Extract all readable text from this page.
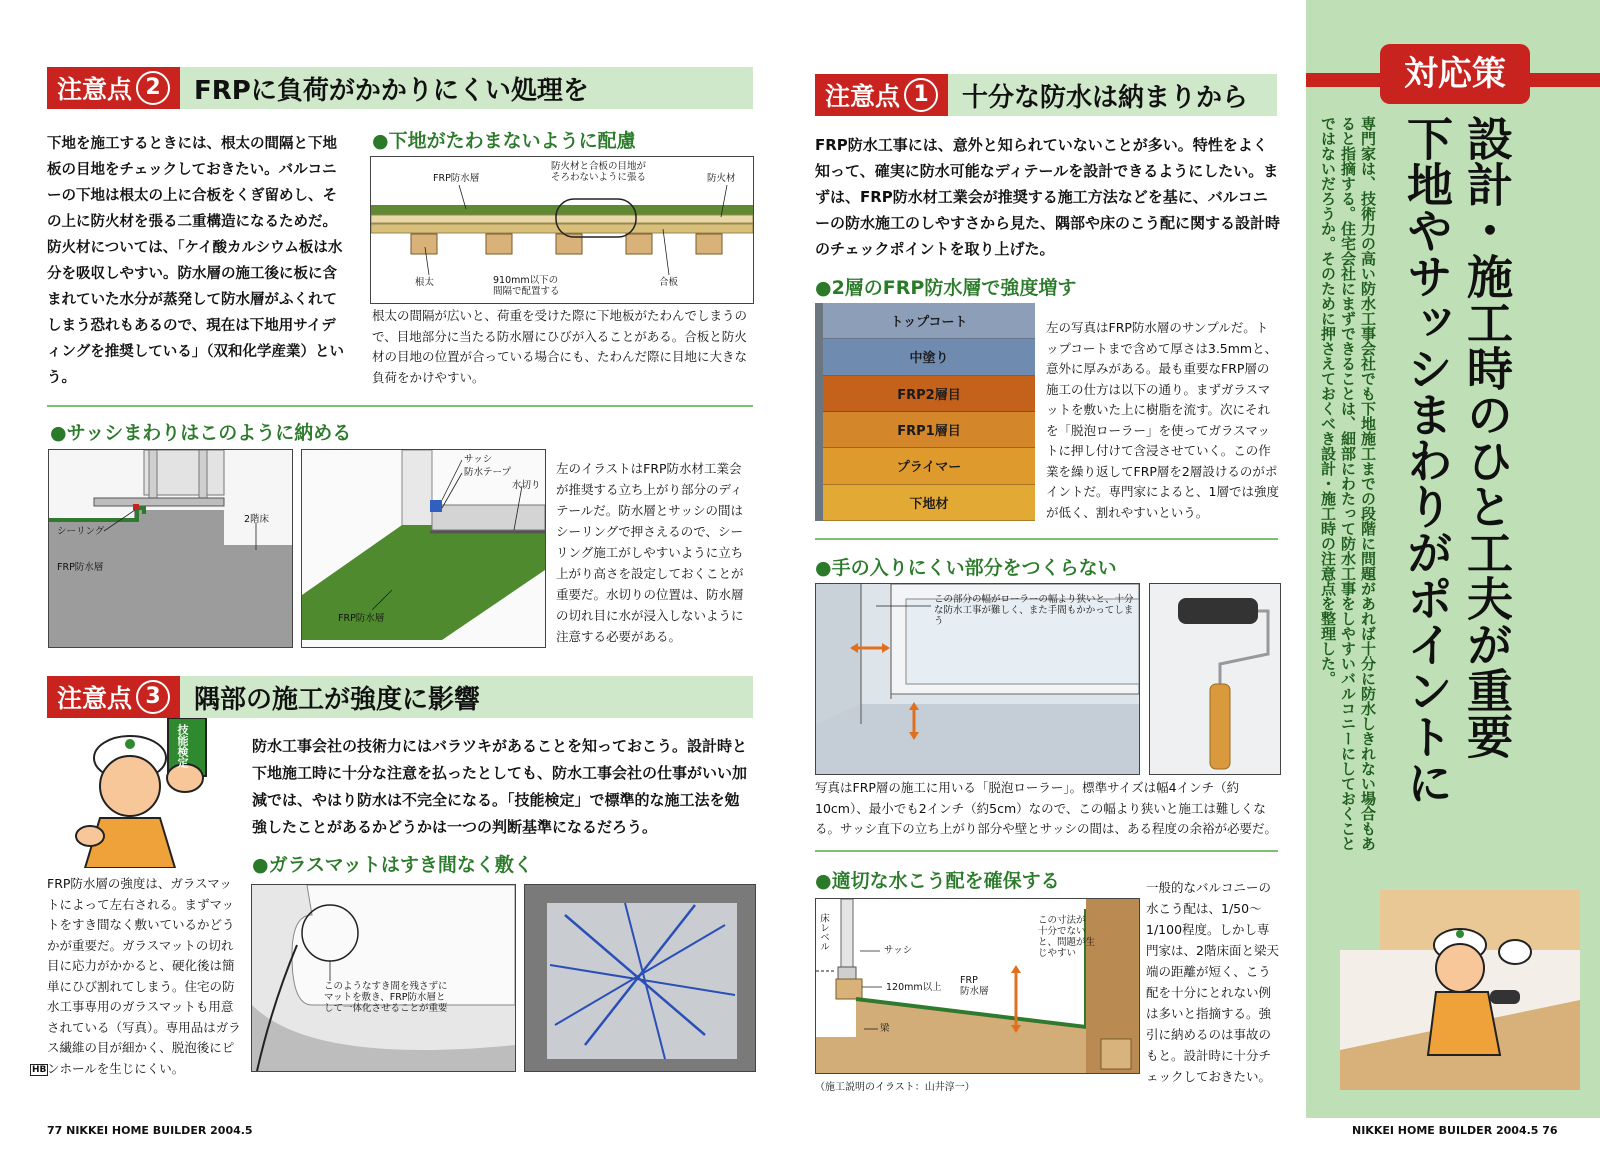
注意点 2	FRPに負荷がかかりにくい処理を
下地を施工するときには、根太の間隔と下地板の目地をチェックしておきたい。バルコニーの下地は根太の上に合板をくぎ留めし、その上に防火材を張る二重構造になるためだ。防火材については、「ケイ酸カルシウム板は水分を吸収しやすい。防水層の施工後に板に含まれていた水分が蒸発して防水層がふくれてしまう恐れもあるので、現在は下地用サイディングを推奨している」（双和化学産業）という。
●下地がたわまないように配慮
FRP防水層
防火材と合板の目地が
そろわないように張る	防火材
根太	910mm以下の
間隔で配置する
合板
根太の間隔が広いと、荷重を受けた際に下地板がたわんでしまうので、目地部分に当たる防水層にひびが入ることがある。合板と防火材の目地の位置が合っている場合にも、たわんだ際に目地に大きな負荷をかけやすい。
●サッシまわりはこのように納める
シーリング
2階床
FRP防水層
サッシ
防水テープ
水切り
FRP防水層
左のイラストはFRP防水材工業会が推奨する立ち上がり部分のディテールだ。防水層とサッシの間はシーリングで押さえるので、シーリング施工がしやすいように立ち上がり高さを設定しておくことが重要だ。水切りの位置は、防水層の切れ目に水が浸入しないように注意する必要がある。
注意点 3	隅部の施工が強度に影響
技能検定	防水工事会社の技術力にはバラツキがあることを知っておこう。設計時と下地施工時に十分な注意を払ったとしても、防水工事会社の仕事がいい加減では、やはり防水は不完全になる。「技能検定」で標準的な施工法を勉強したことがあるかどうかは一つの判断基準になるだろう。
●ガラスマットはすき間なく敷く
FRP防水層の強度は、ガラスマットによって左右される。まずマットをすき間なく敷いているかどうかが重要だ。ガラスマットの切れ目に応力がかかると、硬化後は簡単にひび割れてしまう。住宅の防水工事専用のガラスマットも用意されている（写真）。専用品はガラス繊維の目が細かく、脱泡後にピンホールを生じにくい。
このようなすき間を残さずにマットを敷き、FRP防水層として一体化させることが重要
HB
77 NIKKEI HOME BUILDER 2004.5
注意点 1	十分な防水は納まりから
FRP防水工事には、意外と知られていないことが多い。特性をよく知って、確実に防水可能なディテールを設計できるようにしたい。まずは、FRP防水材工業会が推奨する施工方法などを基に、バルコニーの防水施工のしやすさから見た、隅部や床のこう配に関する設計時のチェックポイントを取り上げた。
●2層のFRP防水層で強度増す
トップコート
中塗り
FRP2層目
FRP1層目
プライマー
下地材
左の写真はFRP防水層のサンプルだ。トップコートまで含めて厚さは3.5mmと、意外に厚みがある。最も重要なFRP層の施工の仕方は以下の通り。まずガラスマットを敷いた上に樹脂を流す。次にそれを「脱泡ローラー」を使ってガラスマットに押し付けて含浸させていく。この作業を繰り返してFRP層を2層設けるのがポイントだ。専門家によると、1層では強度が低く、割れやすいという。
●手の入りにくい部分をつくらない
この部分の幅がローラーの幅より狭いと、十分な防水工事が難しく、また手間もかかってしまう
写真はFRP層の施工に用いる「脱泡ローラー」。標準サイズは幅4インチ（約10cm）、最小でも2インチ（約5cm）なので、この幅より狭いと施工は難しくなる。サッシ直下の立ち上がり部分や壁とサッシの間は、ある程度の余裕が必要だ。
●適切な水こう配を確保する
床レベル	サッシ
120mm以上
FRP
防水層
梁
この寸法が
十分でない
と、問題が生
じやすい
一般的なバルコニーの水こう配は、1/50～1/100程度。しかし専門家は、2階床面と梁天端の距離が短く、こう配を十分にとれない例は多いと指摘する。強引に納めるのは事故のもと。設計時に十分チェックしておきたい。
（施工説明のイラスト：山井淳一）
NIKKEI HOME BUILDER 2004.5 76
対応策
設計・施工時のひと工夫が重要
下地やサッシまわりがポイントに
専門家は、技術力の高い防水工事会社でも下地施工までの段階に問題があれば十分に防水しきれない場合もあると指摘する。住宅会社にまずできることは、細部にわたって防水工事をしやすいバルコニーにしておくことではないだろうか。そのために押さえておくべき設計・施工時の注意点を整理した。
